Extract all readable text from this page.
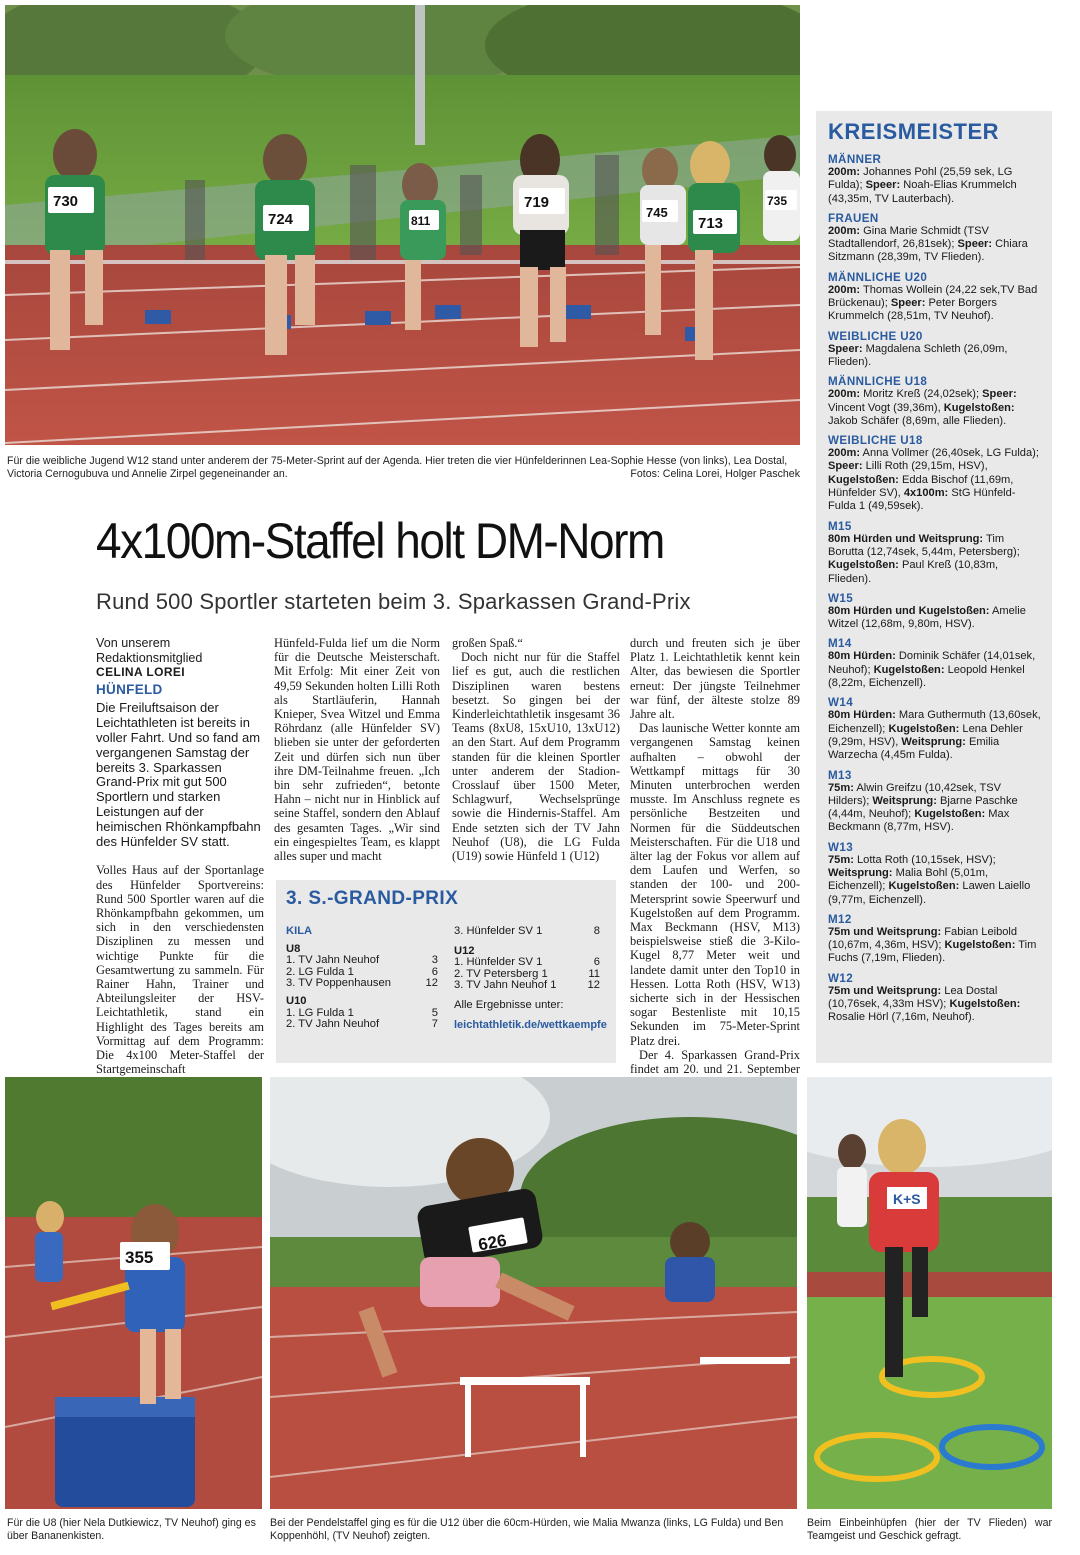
730
724	811
719
745
713
735
Für die weibliche Jugend W12 stand unter anderem der 75-Meter-Sprint auf der Agenda. Hier treten die vier Hünfelderinnen Lea-Sophie Hesse (von links), Lea Dostal, Victoria Cernogubuva und Annelie Zirpel gegeneinander an.	Fotos: Celina Lorei, Holger Paschek
KREISMEISTER
MÄNNER
200m: Johannes Pohl (25,59 sek, LG Fulda); Speer: Noah-Elias Krummelch (43,35m, TV Lauterbach).
FRAUEN
200m: Gina Marie Schmidt (TSV Stadtallendorf, 26,81sek); Speer: Chiara Sitzmann (28,39m, TV Flieden).
MÄNNLICHE U20
200m: Thomas Wollein (24,22 sek,TV Bad Brückenau); Speer: Peter Borgers Krummelch (28,51m, TV Neuhof).
WEIBLICHE U20
Speer: Magdalena Schleth (26,09m, Flieden).
MÄNNLICHE U18
200m: Moritz Kreß (24,02sek); Speer: Vincent Vogt (39,36m), Kugelstoßen: Jakob Schäfer (8,69m, alle Flieden).
WEIBLICHE U18
200m: Anna Vollmer (26,40sek, LG Fulda); Speer: Lilli Roth (29,15m, HSV), Kugelstoßen: Edda Bischof (11,69m, Hünfelder SV), 4x100m: StG Hünfeld-Fulda 1 (49,59sek).
M15
80m Hürden und Weitsprung: Tim Borutta (12,74sek, 5,44m, Petersberg); Kugelstoßen: Paul Kreß (10,83m, Flieden).
W15
80m Hürden und Kugelstoßen: Amelie Witzel (12,68m, 9,80m, HSV).
M14
80m Hürden: Dominik Schäfer (14,01sek, Neuhof); Kugelstoßen: Leopold Henkel (8,22m, Eichenzell).
W14
80m Hürden: Mara Guthermuth (13,60sek, Eichenzell); Kugelstoßen: Lena Dehler (9,29m, HSV), Weitsprung: Emilia Warzecha (4,45m Fulda).
M13
75m: Alwin Greifzu (10,42sek, TSV Hilders); Weitsprung: Bjarne Paschke (4,44m, Neuhof); Kugelstoßen: Max Beckmann (8,77m, HSV).
W13
75m: Lotta Roth (10,15sek, HSV); Weitsprung: Malia Bohl (5,01m, Eichenzell); Kugelstoßen: Lawen Laiello (9,77m, Eichenzell).
M12
75m und Weitsprung: Fabian Leibold (10,67m, 4,36m, HSV); Kugelstoßen: Tim Fuchs (7,19m, Flieden).
W12
75m und Weitsprung: Lea Dostal (10,76sek, 4,33m HSV); Kugelstoßen: Rosalie Hörl (7,16m, Neuhof).
4x100m-Staffel holt DM-Norm
Rund 500 Sportler starteten beim 3. Sparkassen Grand-Prix
Von unserem
Redaktionsmitglied
CELINA LOREI
HÜNFELD
Die Freiluftsaison der Leichtathleten ist bereits in voller Fahrt. Und so fand am vergangenen Samstag der bereits 3. Sparkassen Grand-Prix mit gut 500 Sportlern und starken Leistungen auf der heimischen Rhönkampfbahn des Hünfelder SV statt.

Volles Haus auf der Sportanlage des Hünfelder Sportvereins: Rund 500 Sportler waren auf die Rhönkampfbahn gekommen, um sich in den verschiedensten Disziplinen zu messen und wichtige Punkte für die Gesamtwertung zu sammeln. Für Rainer Hahn, Trainer und Abteilungsleiter der HSV-Leichtathletik, stand ein Highlight des Tages bereits am Vormittag auf dem Programm: Die 4x100 Meter-Staffel der Startgemeinschaft

Hünfeld-Fulda lief um die Norm für die Deutsche Meisterschaft. Mit Erfolg: Mit einer Zeit von 49,59 Sekunden holten Lilli Roth als Startläuferin, Hannah Knieper, Svea Witzel und Emma Röhrdanz (alle Hünfelder SV) blieben sie unter der geforderten Zeit und dürfen sich nun über ihre DM-Teilnahme freuen. „Ich bin sehr zufrieden“, betonte Hahn – nicht nur in Hinblick auf seine Staffel, sondern den Ablauf des gesamten Tages. „Wir sind ein eingespieltes Team, es klappt alles super und macht

großen Spaß.“

Doch nicht nur für die Staffel lief es gut, auch die restlichen Disziplinen waren bestens besetzt. So gingen bei der Kinderleichtathletik insgesamt 36 Teams (8xU8, 15xU10, 13xU12) an den Start. Auf dem Programm standen für die kleinen Sportler unter anderem der Stadion-Crosslauf über 1500 Meter, Schlagwurf, Wechselsprünge sowie die Hindernis-Staffel. Am Ende setzten sich der TV Jahn Neuhof (U8), die LG Fulda (U19) sowie Hünfeld 1 (U12)

durch und freuten sich je über Platz 1. Leichtathletik kennt kein Alter, das bewiesen die Sportler erneut: Der jüngste Teilnehmer war fünf, der älteste stolze 89 Jahre alt.

Das launische Wetter konnte am vergangenen Samstag keinen aufhalten – obwohl der Wettkampf mittags für 30 Minuten unterbrochen werden musste. Im Anschluss regnete es persönliche Bestzeiten und Normen für die Süddeutschen Meisterschaften. Für die U18 und älter lag der Fokus vor allem auf dem Laufen und Werfen, so standen der 100- und 200-Metersprint sowie Speerwurf und Kugelstoßen auf dem Programm. Max Beckmann (HSV, M13) beispielsweise stieß die 3-Kilo-Kugel 8,77 Meter weit und landete damit unter den Top10 in Hessen. Lotta Roth (HSV, W13) sicherte sich in der Hessischen sogar Bestenliste mit 10,15 Sekunden im 75-Meter-Sprint Platz drei.

Der 4. Sparkassen Grand-Prix findet am 20. und 21. September

3. S.-GRAND-PRIX
KILA
U8
1. TV Jahn Neuhof	3
2. LG Fulda 1	6
3. TV Poppenhausen	12
U10
1. LG Fulda 1	5
2. TV Jahn Neuhof	7
3. Hünfelder SV 1	8
U12
1. Hünfelder SV 1	6
2. TV Petersberg 1	11
3. TV Jahn Neuhof 1	12
Alle Ergebnisse unter:
leichtathletik.de/wettkaempfe
355
626
K+S
Für die U8 (hier Nela Dutkiewicz, TV Neuhof) ging es über Bananenkisten.
Bei der Pendelstaffel ging es für die U12 über die 60cm-Hürden, wie Malia Mwanza (links, LG Fulda) und Ben Koppenhöhl, (TV Neuhof) zeigten.
Beim Einbeinhüpfen (hier der TV Flieden) war Teamgeist und Geschick gefragt.
